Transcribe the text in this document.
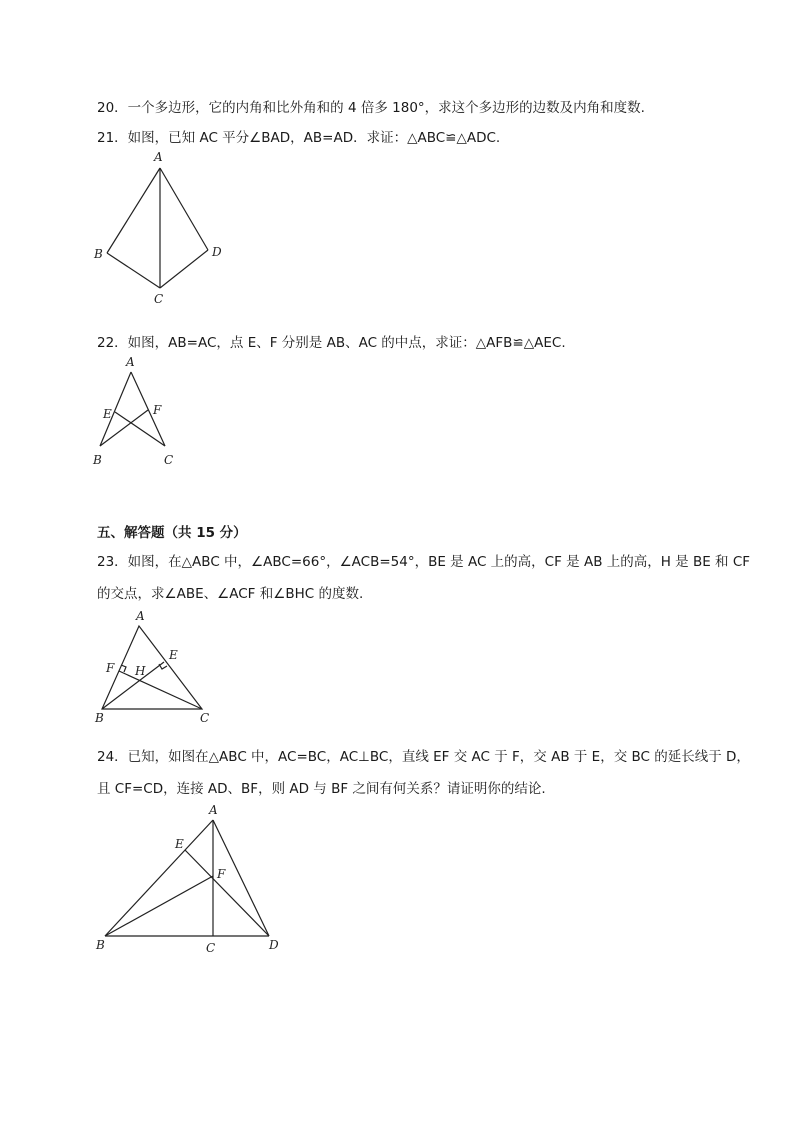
20．一个多边形，它的内角和比外角和的 4 倍多 180°，求这个多边形的边数及内角和度数.
21．如图，已知 AC 平分∠BAD，AB=AD．求证：△ABC≌△ADC.
A
B
C
D
22．如图，AB=AC，点 E、F 分别是 AB、AC 的中点，求证：△AFB≌△AEC.
A
E	F
B	C
五、解答题（共 15 分）
23．如图，在△ABC 中，∠ABC=66°，∠ACB=54°，BE 是 AC 上的高，CF 是 AB 上的高，H 是 BE 和 CF
的交点，求∠ABE、∠ACF 和∠BHC 的度数.
A
F H
E
B	C
24．已知，如图在△ABC 中，AC=BC，AC⊥BC，直线 EF 交 AC 于 F，交 AB 于 E，交 BC 的延长线于 D，
且 CF=CD，连接 AD、BF，则 AD 与 BF 之间有何关系？请证明你的结论.
A
E
F
B	C	D
